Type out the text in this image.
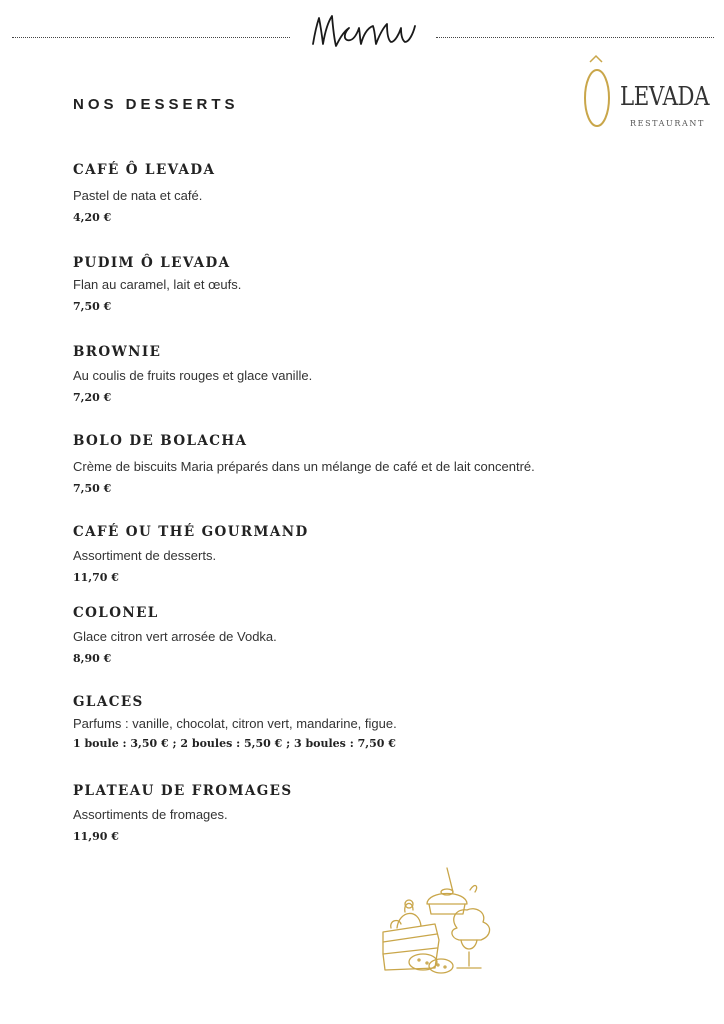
LEVADA
RESTAURANT
NOS DESSERTS
CAFÉ Ô LEVADA
Pastel de nata et café.
4,20 €
PUDIM Ô LEVADA
Flan au caramel, lait et œufs.
7,50 €
BROWNIE
Au coulis de fruits rouges et glace vanille.
7,20 €
BOLO DE BOLACHA
Crème de biscuits Maria préparés dans un mélange de café et de lait concentré.
7,50 €
CAFÉ OU THÉ GOURMAND
Assortiment de desserts.
11,70 €
COLONEL
Glace citron vert arrosée de Vodka.
8,90 €
GLACES
Parfums : vanille, chocolat, citron vert, mandarine, figue.
1 boule : 3,50 € ; 2 boules : 5,50 € ; 3 boules : 7,50 €
PLATEAU DE FROMAGES
Assortiments de fromages.
11,90 €
